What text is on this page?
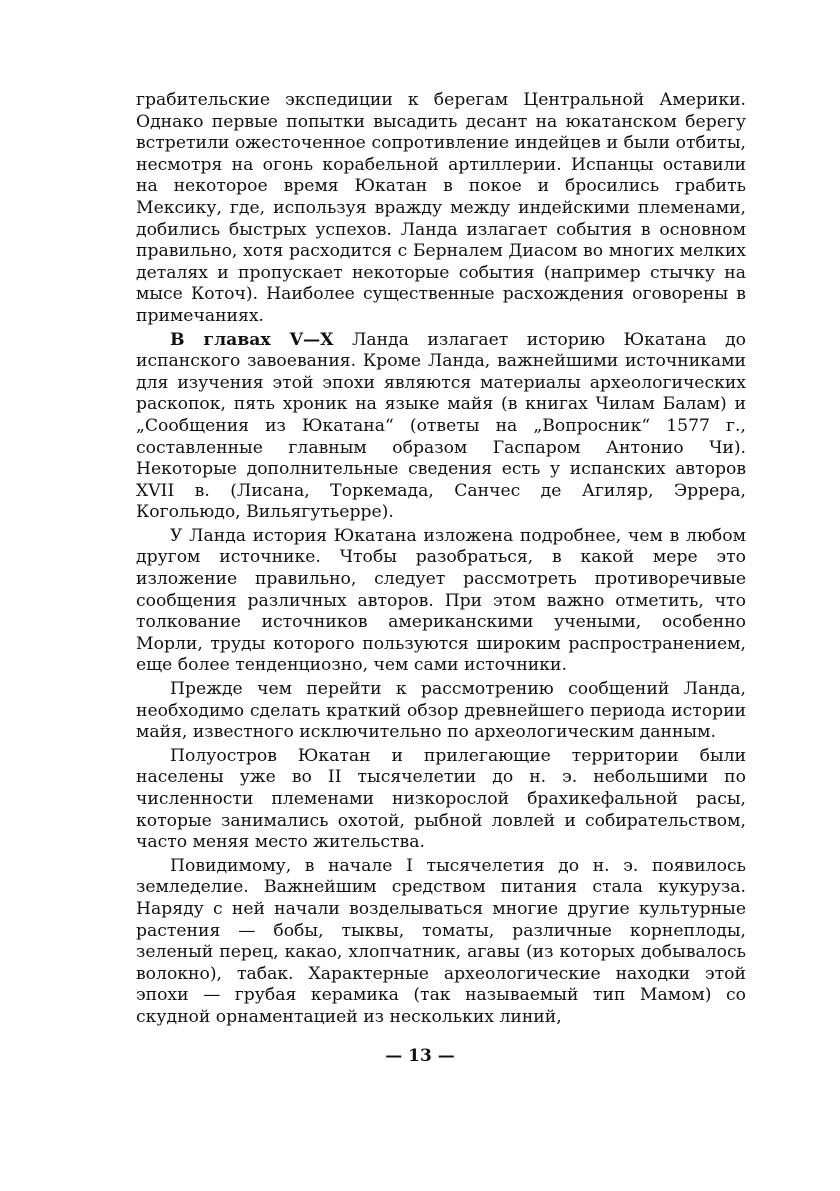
грабительские экспедиции к берегам Центральной Америки. Однако первые попытки высадить десант на юкатанском берегу встретили ожесточенное сопротивление индейцев и были отбиты, несмотря на огонь корабельной артиллерии. Испанцы оставили на некоторое время Юкатан в покое и бросились грабить Мексику, где, используя вражду между индейскими племенами, добились быстрых успехов. Ланда излагает события в основном правильно, хотя расходится с Берналем Диасом во многих мелких деталях и пропускает некоторые события (например стычку на мысе Коточ). Наиболее существенные расхождения оговорены в примечаниях.

В главах V—X Ланда излагает историю Юкатана до испанского завоевания. Кроме Ланда, важнейшими источниками для изучения этой эпохи являются материалы археологических раскопок, пять хроник на языке майя (в книгах Чилам Балам) и „Сообщения из Юкатана“ (ответы на „Вопросник“ 1577 г., составленные главным образом Гаспаром Антонио Чи). Некоторые дополнительные сведения есть у испанских авторов XVII в. (Лисана, Торкемада, Санчес де Агиляр, Эррера, Когольюдо, Вильягутьерре).

У Ланда история Юкатана изложена подробнее, чем в любом другом источнике. Чтобы разобраться, в какой мере это изложение правильно, следует рассмотреть противоречивые сообщения различных авторов. При этом важно отметить, что толкование источников американскими учеными, особенно Морли, труды которого пользуются широким распространением, еще более тенденциозно, чем сами источники.

Прежде чем перейти к рассмотрению сообщений Ланда, необходимо сделать краткий обзор древнейшего периода истории майя, известного исключительно по археологическим данным.

Полуостров Юкатан и прилегающие территории были населены уже во II тысячелетии до н. э. небольшими по численности племенами низкорослой брахикефальной расы, которые занимались охотой, рыбной ловлей и собирательством, часто меняя место жительства.

Повидимому, в начале I тысячелетия до н. э. появилось земледелие. Важнейшим средством питания стала кукуруза. Наряду с ней начали возделываться многие другие культурные растения — бобы, тыквы, томаты, различные корнеплоды, зеленый перец, какао, хлопчатник, агавы (из которых добывалось волокно), табак. Характерные археологические находки этой эпохи — грубая керамика (так называемый тип Мамом) со скудной орнаментацией из нескольких линий,

— 13 —
